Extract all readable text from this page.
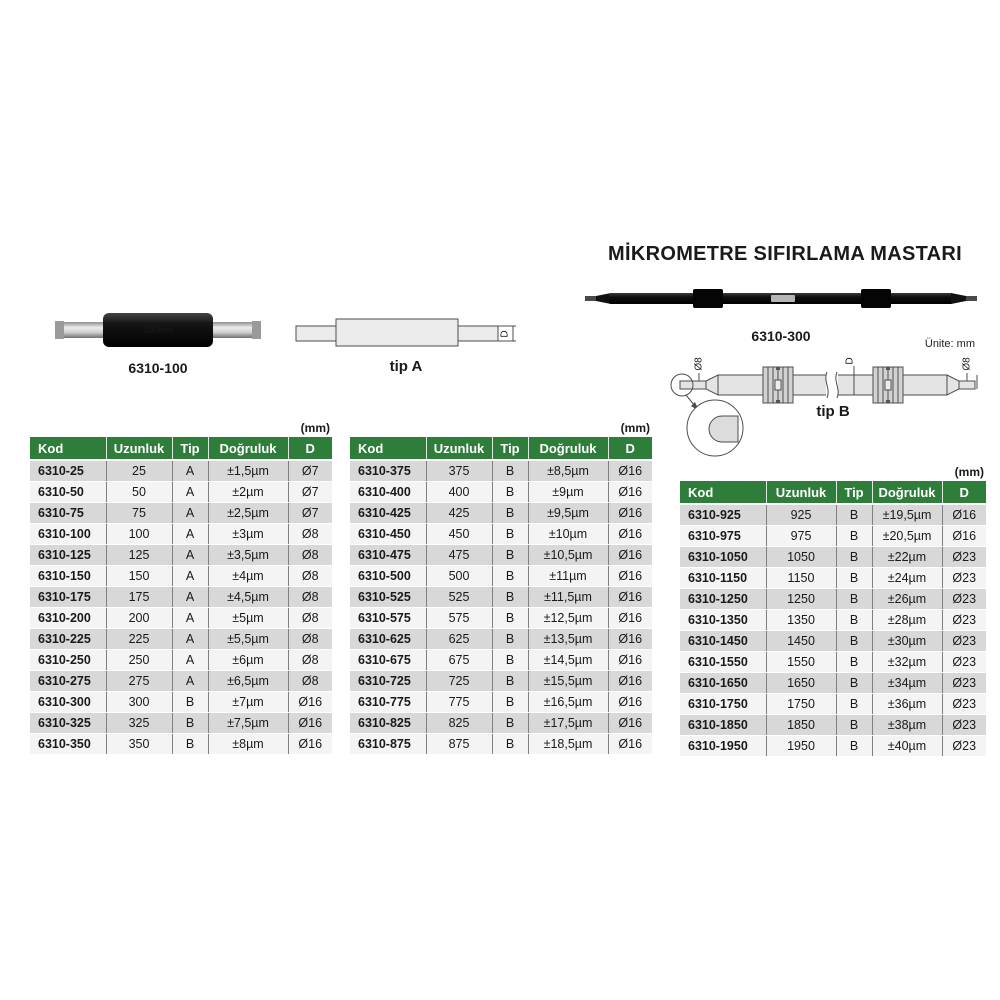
MİKROMETRE SIFIRLAMA MASTARI
6310-300	Ünite: mm
100mm
6310-100
D
tip A	Ø8	D	Ø8
tip B
(mm)
Kod	Uzunluk	Tip	Doğruluk	D
6310-25	25	A	±1,5µm	Ø7
6310-50	50	A	±2µm	Ø7
6310-75	75	A	±2,5µm	Ø7
6310-100	100	A	±3µm	Ø8
6310-125	125	A	±3,5µm	Ø8
6310-150	150	A	±4µm	Ø8
6310-175	175	A	±4,5µm	Ø8
6310-200	200	A	±5µm	Ø8
6310-225	225	A	±5,5µm	Ø8
6310-250	250	A	±6µm	Ø8
6310-275	275	A	±6,5µm	Ø8
6310-300	300	B	±7µm	Ø16
6310-325	325	B	±7,5µm	Ø16
6310-350	350	B	±8µm	Ø16
(mm)
Kod	Uzunluk	Tip	Doğruluk	D
6310-375	375	B	±8,5µm	Ø16
6310-400	400	B	±9µm	Ø16
6310-425	425	B	±9,5µm	Ø16
6310-450	450	B	±10µm	Ø16
6310-475	475	B	±10,5µm	Ø16
6310-500	500	B	±11µm	Ø16
6310-525	525	B	±11,5µm	Ø16
6310-575	575	B	±12,5µm	Ø16
6310-625	625	B	±13,5µm	Ø16
6310-675	675	B	±14,5µm	Ø16
6310-725	725	B	±15,5µm	Ø16
6310-775	775	B	±16,5µm	Ø16
6310-825	825	B	±17,5µm	Ø16
6310-875	875	B	±18,5µm	Ø16
(mm)
Kod	Uzunluk	Tip	Doğruluk	D
6310-925	925	B	±19,5µm	Ø16
6310-975	975	B	±20,5µm	Ø16
6310-1050	1050	B	±22µm	Ø23
6310-1150	1150	B	±24µm	Ø23
6310-1250	1250	B	±26µm	Ø23
6310-1350	1350	B	±28µm	Ø23
6310-1450	1450	B	±30µm	Ø23
6310-1550	1550	B	±32µm	Ø23
6310-1650	1650	B	±34µm	Ø23
6310-1750	1750	B	±36µm	Ø23
6310-1850	1850	B	±38µm	Ø23
6310-1950	1950	B	±40µm	Ø23
